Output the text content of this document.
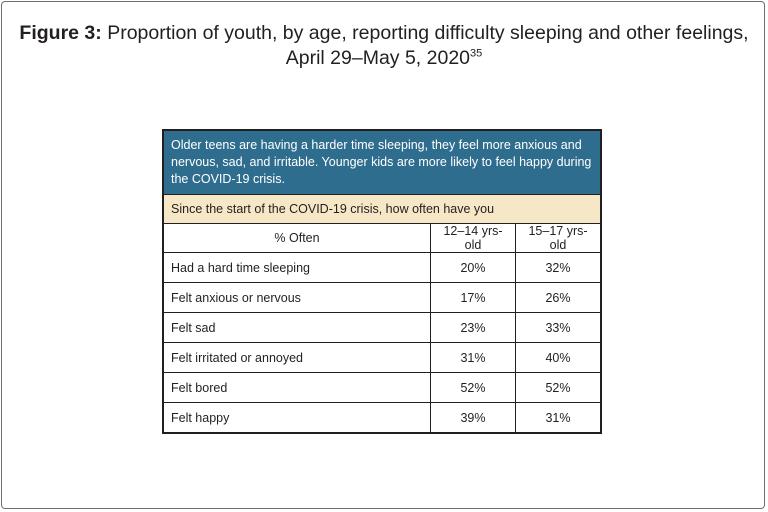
Figure 3: Proportion of youth, by age, reporting difficulty sleeping and other feelings,
April 29–May 5, 2020$^{35}$
Older teens are having a harder time sleeping, they feel more anxious and nervous, sad, and irritable. Younger kids are more likely to feel happy during the COVID-19 crisis.
Since the start of the COVID-19 crisis, how often have you
% Often	12–14 yrs-old	15–17 yrs-old
Had a hard time sleeping	20%	32%
Felt anxious or nervous	17%	26%
Felt sad	23%	33%
Felt irritated or annoyed	31%	40%
Felt bored	52%	52%
Felt happy	39%	31%
